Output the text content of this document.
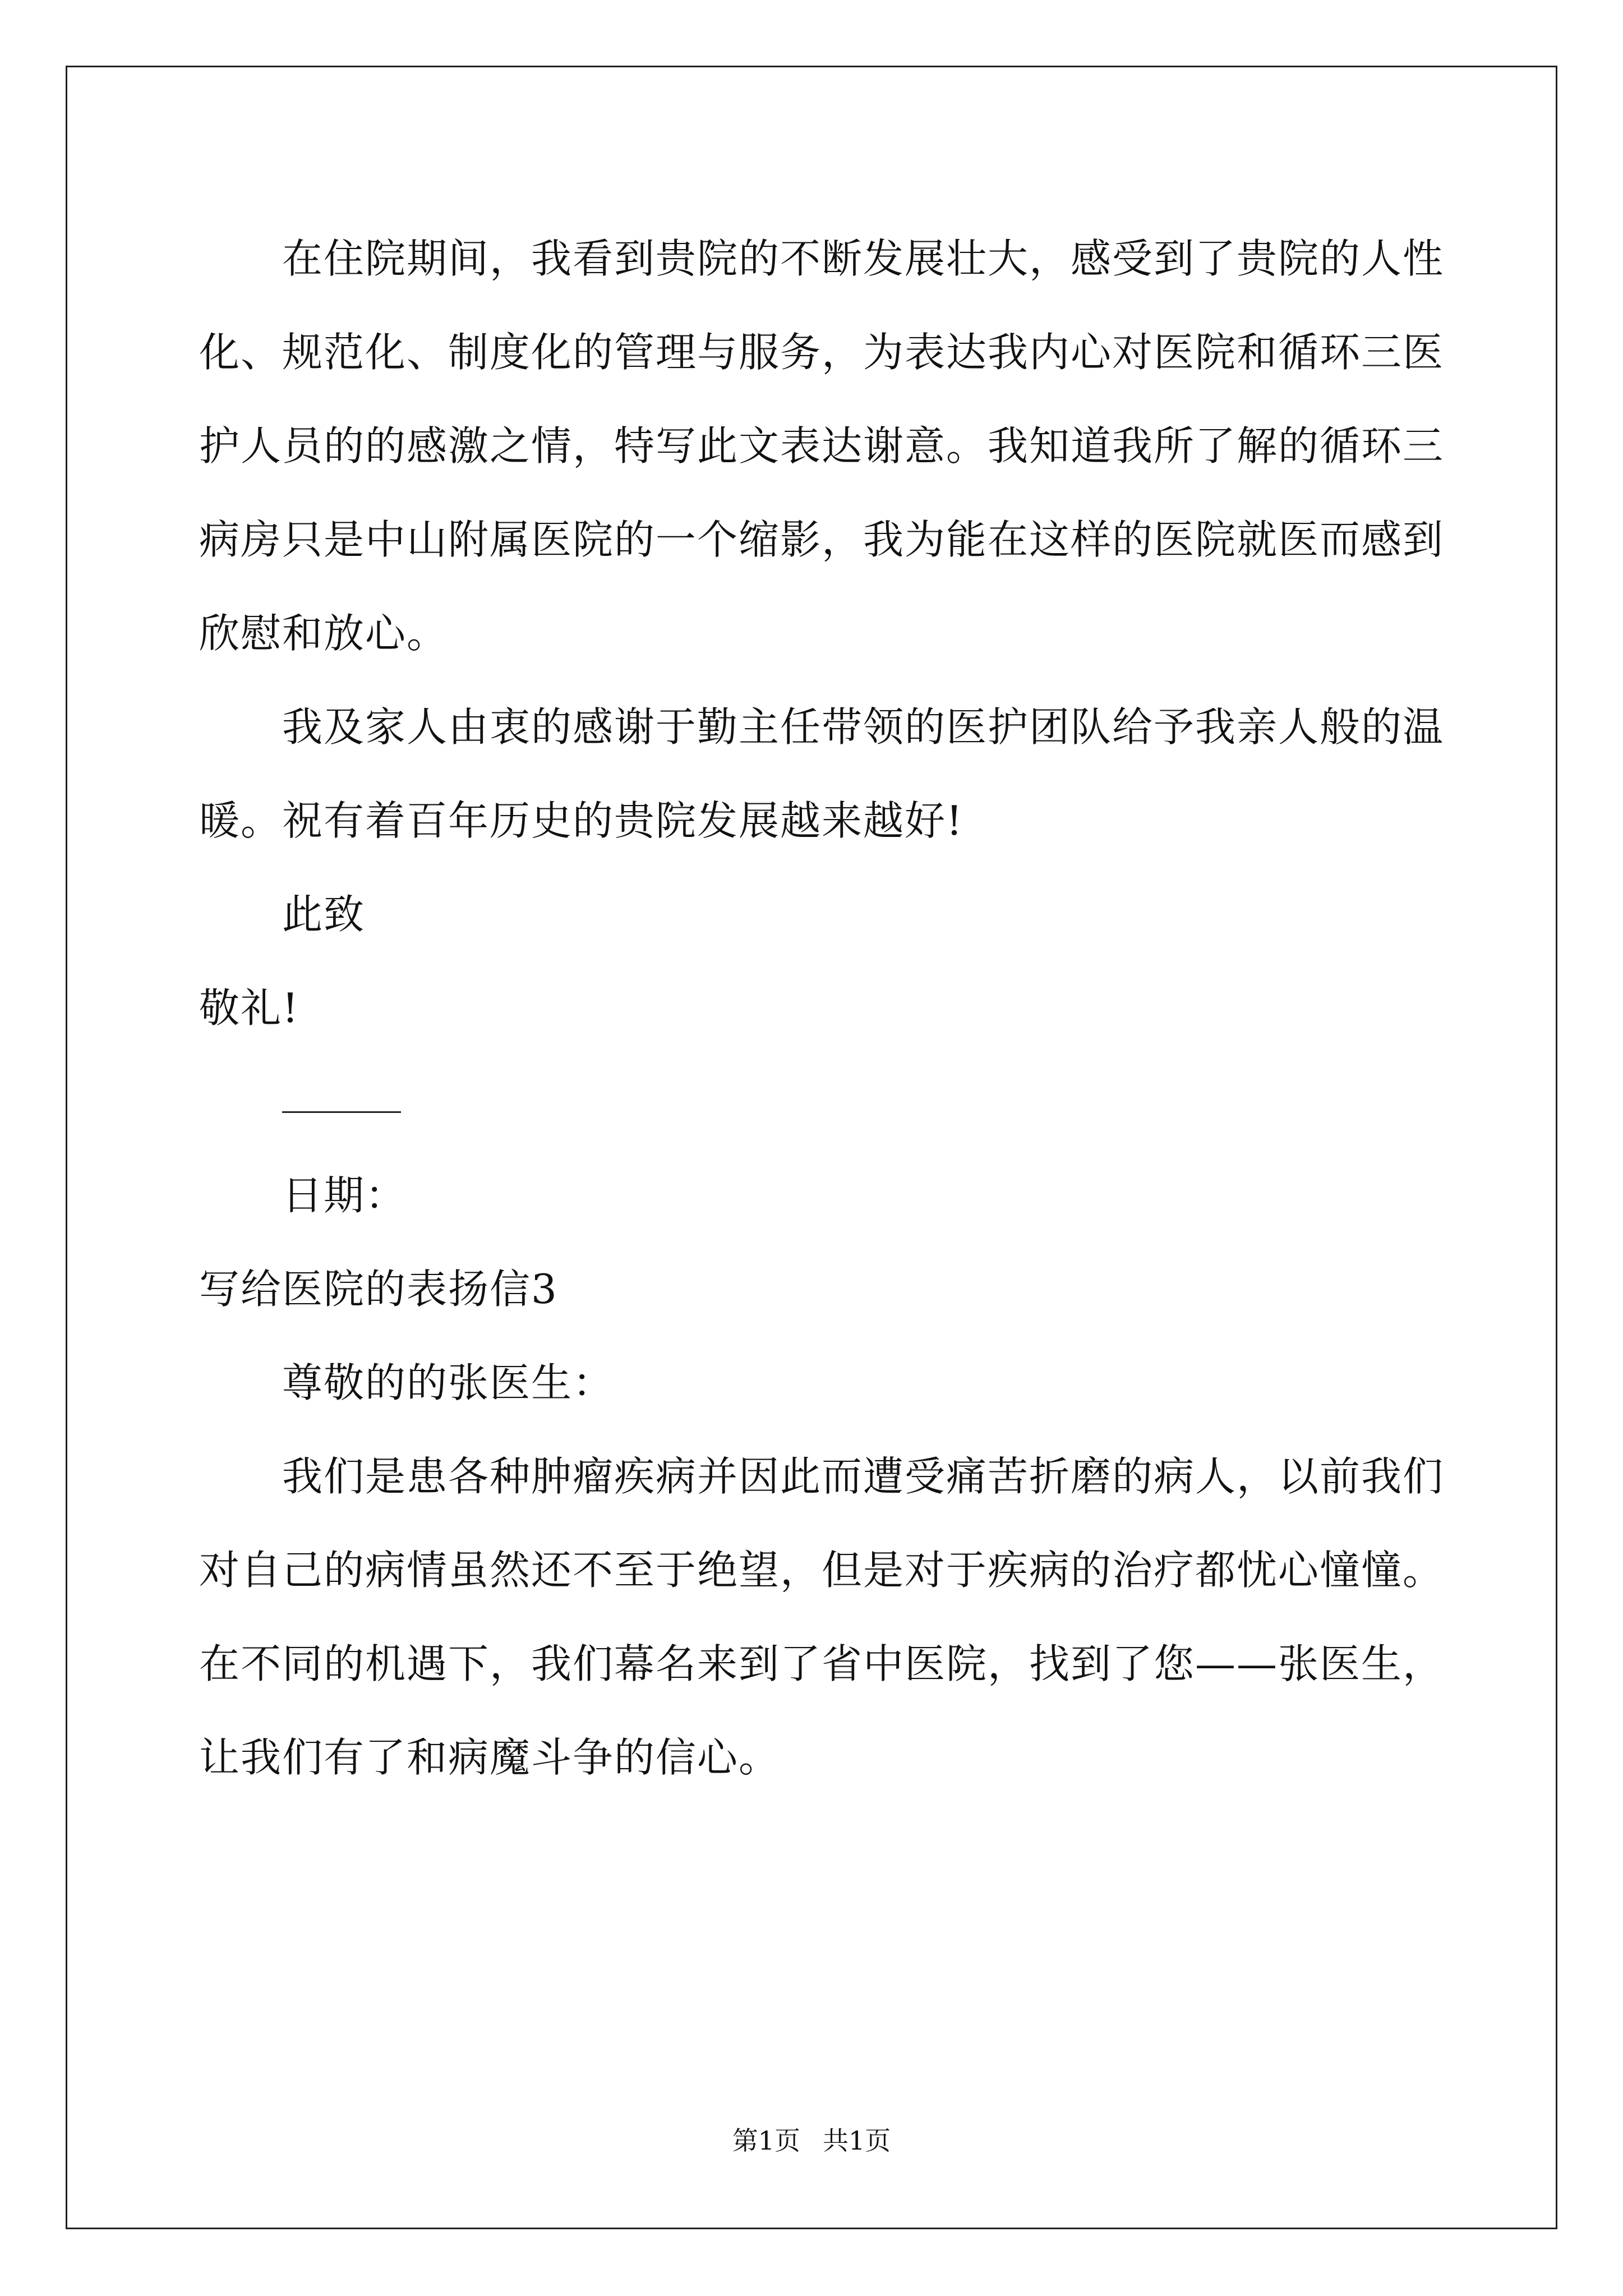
在住院期间，我看到贵院的不断发展壮大，感受到了贵院的人性
化、规范化、制度化的管理与服务，为表达我内心对医院和循环三医
护人员的的感激之情，特写此文表达谢意。我知道我所了解的循环三
病房只是中山附属医院的一个缩影，我为能在这样的医院就医而感到
欣慰和放心。
我及家人由衷的感谢于勤主任带领的医护团队给予我亲人般的温
暖。祝有着百年历史的贵院发展越来越好!
此致
敬礼!
日期：
写给医院的表扬信3
尊敬的的张医生：
我们是患各种肿瘤疾病并因此而遭受痛苦折磨的病人，以前我们
对自己的病情虽然还不至于绝望，但是对于疾病的治疗都忧心憧憧。
在不同的机遇下，我们幕名来到了省中医院，找到了您——张医生，
让我们有了和病魔斗争的信心。
第1页 共1页
